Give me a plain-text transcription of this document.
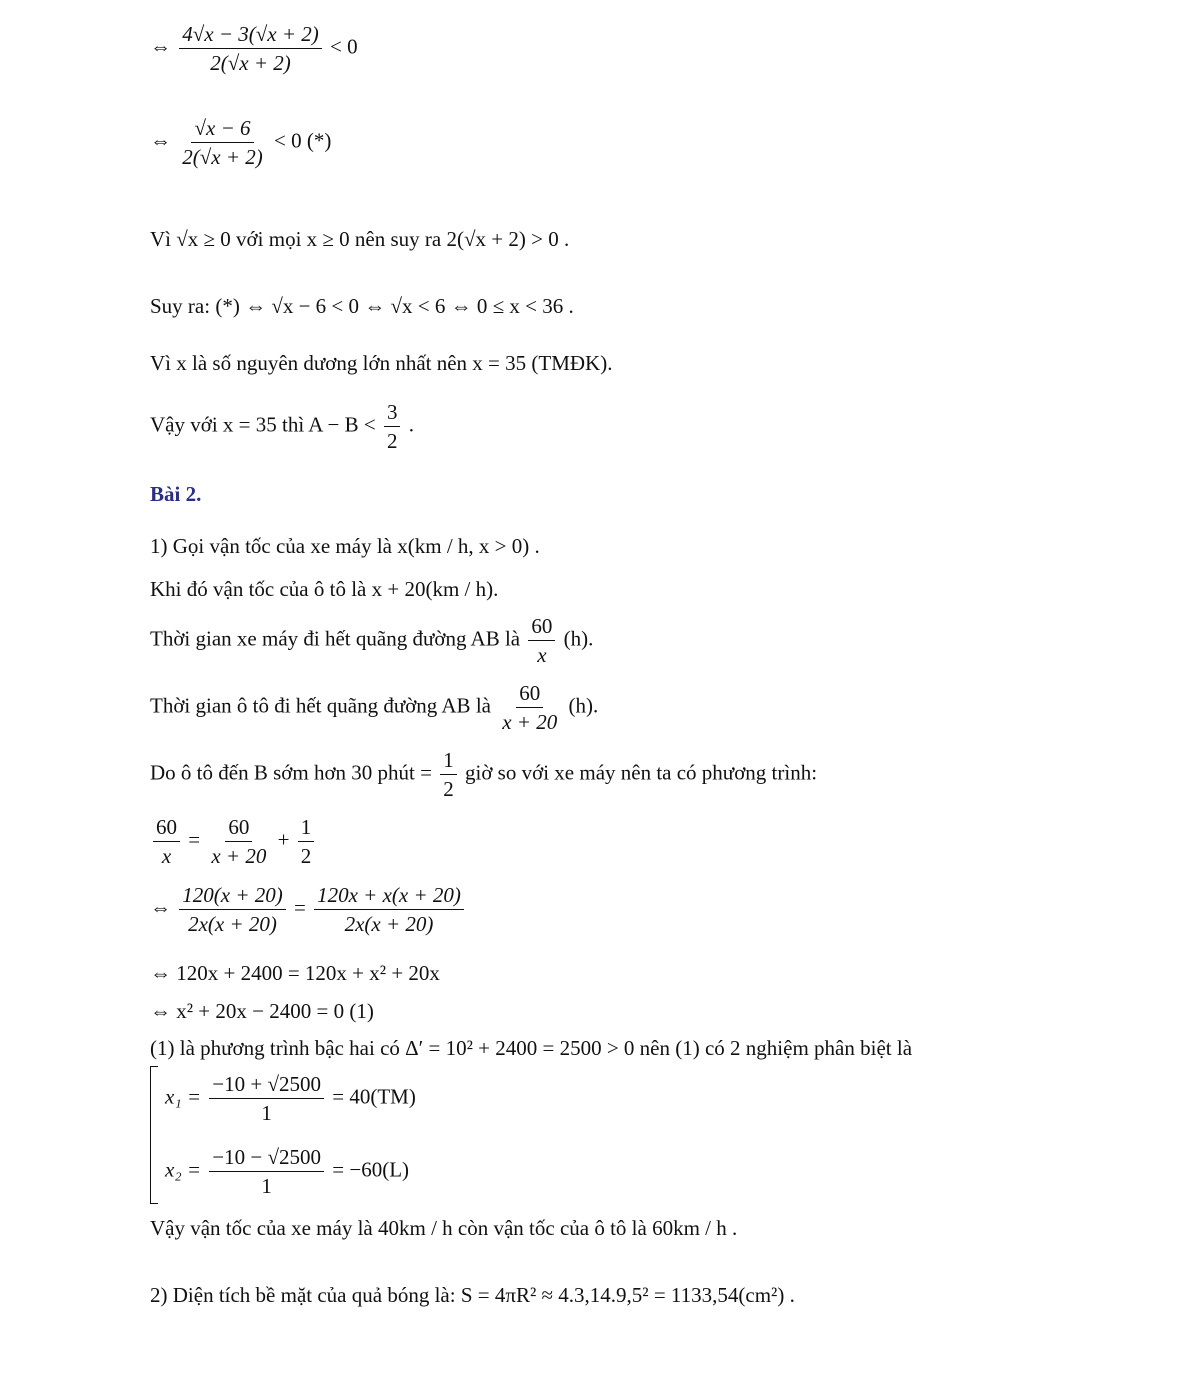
⇔ $\frac{4√x - 3(√x + 2)}{2(√x + 2)} < 0$
⇔ $\frac{√x - 6}{2(√x + 2)} < 0$ (*)
Vì √x ≥ 0 với mọi x ≥ 0 nên suy ra 2(√x + 2) > 0 .
Suy ra: (*) ⇔ √x − 6 < 0 ⇔ √x < 6 ⇔ 0 ≤ x < 36 .
Vì x là số nguyên dương lớn nhất nên x = 35 (TMĐK).
Vậy với x = 35 thì $A - B < \frac{3}{2}$ .
Bài 2.
1) Gọi vận tốc của xe máy là x(km / h, x > 0) .
Khi đó vận tốc của ô tô là x + 20(km / h).
Thời gian xe máy đi hết quãng đường AB là $\frac{60}{x} (h)$.
Thời gian ô tô đi hết quãng đường AB là $\frac{60}{x + 20} (h)$.
Do ô tô đến B sớm hơn 30 phút = $\frac{1}{2}$ giờ so với xe máy nên ta có phương trình:
$\frac{60}{x} = \frac{60}{x + 20} + \frac{1}{2}$
⇔ $\frac{120(x + 20)}{2x(x + 20)} = \frac{120x + x(x + 20)}{2x(x + 20)}$
⇔ 120x + 2400 = 120x + x² + 20x
⇔ x² + 20x − 2400 = 0 (1)
(1) là phương trình bậc hai có Δ′ = 10² + 2400 = 2500 > 0 nên (1) có 2 nghiệm phân biệt là
$x_1 = \frac{-10 + √2500}{1} = 40(TM)$
$x_2 = \frac{-10 - √2500}{1} = -60(L)$
Vậy vận tốc của xe máy là 40km / h còn vận tốc của ô tô là 60km / h .
2) Diện tích bề mặt của quả bóng là: S = 4πR² ≈ 4.3,14.9,5² = 1133,54(cm²) .
